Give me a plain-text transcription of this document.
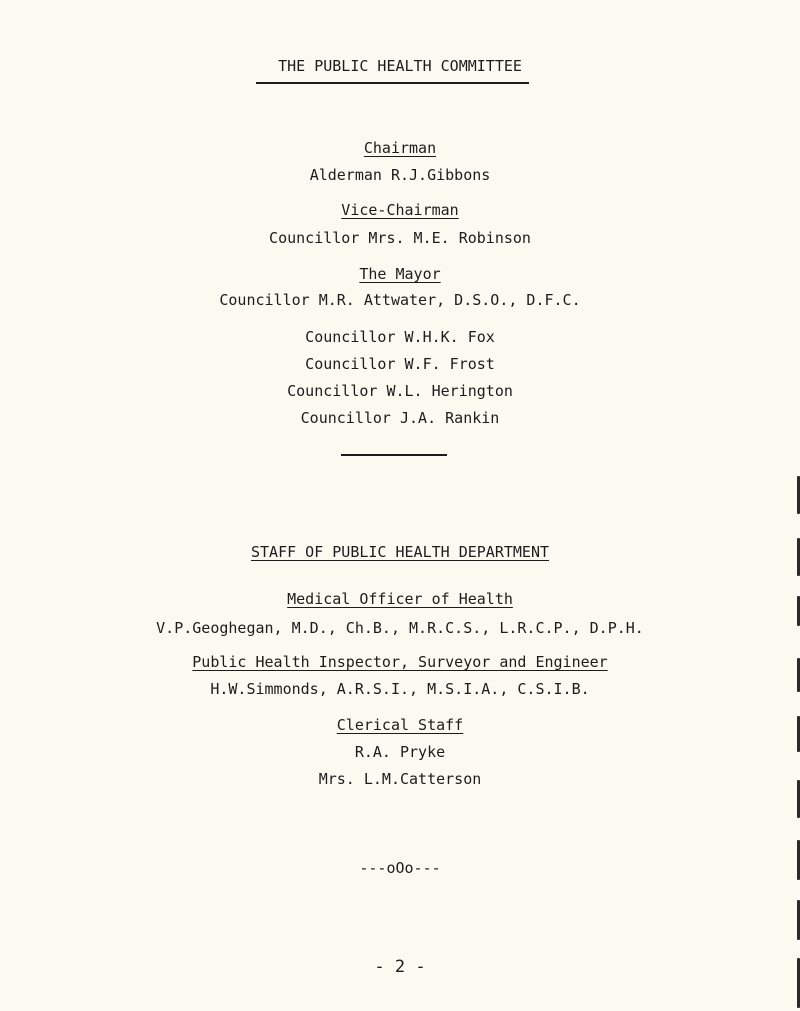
THE PUBLIC HEALTH COMMITTEE
Chairman
Alderman R.J.Gibbons
Vice-Chairman
Councillor Mrs. M.E. Robinson
The Mayor
Councillor M.R. Attwater, D.S.O., D.F.C.
Councillor W.H.K. Fox
Councillor W.F. Frost
Councillor W.L. Herington
Councillor J.A. Rankin
STAFF OF PUBLIC HEALTH DEPARTMENT
Medical Officer of Health
V.P.Geoghegan, M.D., Ch.B., M.R.C.S., L.R.C.P., D.P.H.
Public Health Inspector, Surveyor and Engineer
H.W.Simmonds, A.R.S.I., M.S.I.A., C.S.I.B.
Clerical Staff
R.A. Pryke
Mrs. L.M.Catterson
---oOo---
- 2 -
